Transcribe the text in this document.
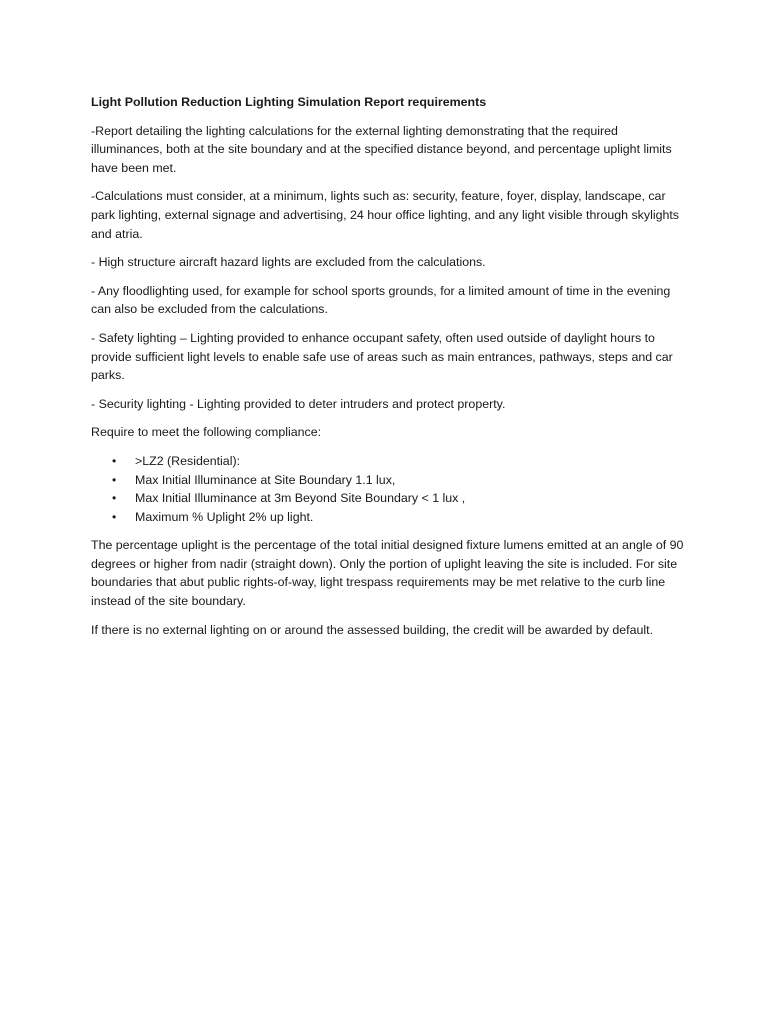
Light Pollution Reduction Lighting Simulation Report requirements

-Report detailing the lighting calculations for the external lighting demonstrating that the required illuminances, both at the site boundary and at the specified distance beyond, and percentage uplight limits have been met.

-Calculations must consider, at a minimum, lights such as: security, feature, foyer, display, landscape, car park lighting, external signage and advertising, 24 hour office lighting, and any light visible through skylights and atria.

- High structure aircraft hazard lights are excluded from the calculations.

- Any floodlighting used, for example for school sports grounds, for a limited amount of time in the evening can also be excluded from the calculations.

- Safety lighting – Lighting provided to enhance occupant safety, often used outside of daylight hours to provide sufficient light levels to enable safe use of areas such as main entrances, pathways, steps and car parks.

- Security lighting - Lighting provided to deter intruders and protect property.

Require to meet the following compliance:

• >LZ2 (Residential):
• Max Initial Illuminance at Site Boundary 1.1 lux,
• Max Initial Illuminance at 3m Beyond Site Boundary < 1 lux ,
• Maximum % Uplight 2% up light.

The percentage uplight is the percentage of the total initial designed fixture lumens emitted at an angle of 90 degrees or higher from nadir (straight down). Only the portion of uplight leaving the site is included. For site boundaries that abut public rights-of-way, light trespass requirements may be met relative to the curb line instead of the site boundary.

If there is no external lighting on or around the assessed building, the credit will be awarded by default.
